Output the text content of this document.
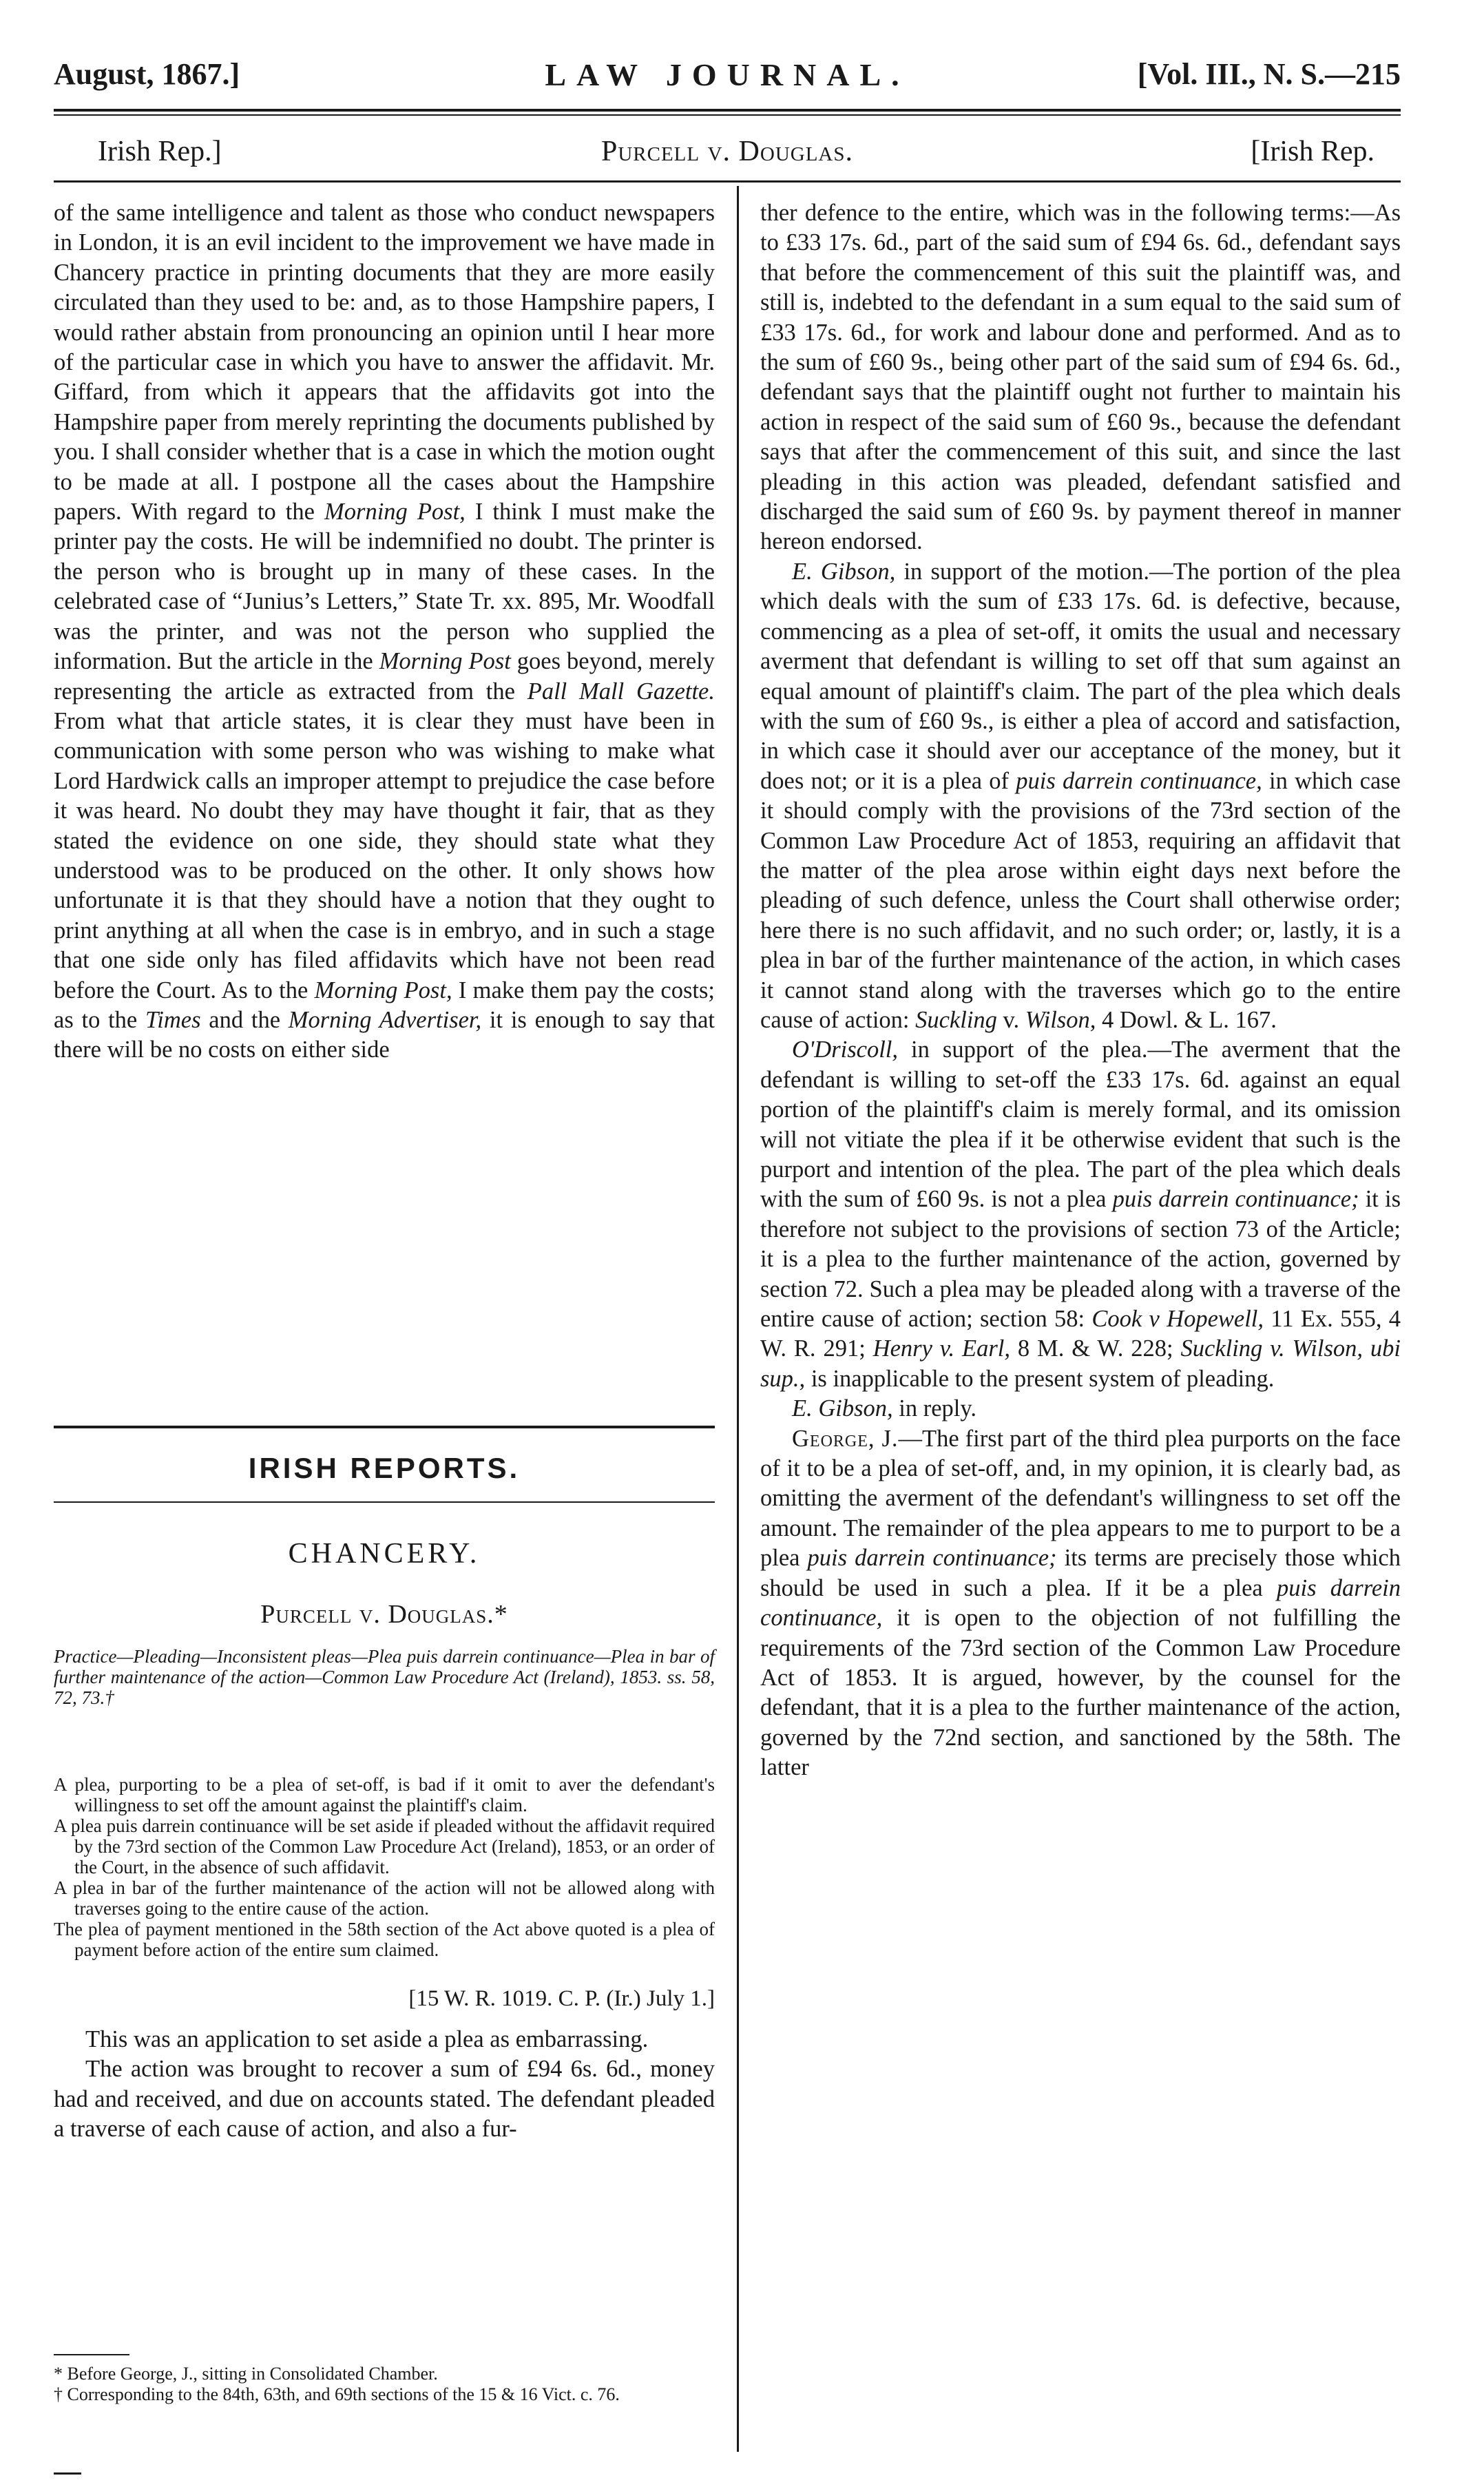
August, 1867.]	LAW JOURNAL.	[Vol. III., N. S.—215
Irish Rep.]	Purcell v. Douglas.	[Irish Rep.

of the same intelligence and talent as those who conduct newspapers in London, it is an evil incident to the improvement we have made in Chancery practice in printing documents that they are more easily circulated than they used to be: and, as to those Hampshire papers, I would rather abstain from pronouncing an opinion until I hear more of the particular case in which you have to answer the affidavit. Mr. Giffard, from which it appears that the affidavits got into the Hampshire paper from merely reprinting the documents published by you. I shall consider whether that is a case in which the motion ought to be made at all. I postpone all the cases about the Hampshire papers. With regard to the Morning Post, I think I must make the printer pay the costs. He will be indemnified no doubt. The printer is the person who is brought up in many of these cases. In the celebrated case of “Junius’s Letters,” State Tr. xx. 895, Mr. Woodfall was the printer, and was not the person who supplied the information. But the article in the Morning Post goes beyond, merely representing the article as extracted from the Pall Mall Gazette. From what that article states, it is clear they must have been in communication with some person who was wishing to make what Lord Hardwick calls an improper attempt to prejudice the case before it was heard. No doubt they may have thought it fair, that as they stated the evidence on one side, they should state what they understood was to be produced on the other. It only shows how unfortunate it is that they should have a notion that they ought to print anything at all when the case is in embryo, and in such a stage that one side only has filed affidavits which have not been read before the Court. As to the Morning Post, I make them pay the costs; as to the Times and the Morning Advertiser, it is enough to say that there will be no costs on either side

IRISH REPORTS.
CHANCERY.
Purcell v. Douglas.*

Practice—Pleading—Inconsistent pleas—Plea puis darrein continuance—Plea in bar of further maintenance of the action—Common Law Procedure Act (Ireland), 1853. ss. 58, 72, 73.†

A plea, purporting to be a plea of set-off, is bad if it omit to aver the defendant's willingness to set off the amount against the plaintiff's claim.

A plea puis darrein continuance will be set aside if pleaded without the affidavit required by the 73rd section of the Common Law Procedure Act (Ireland), 1853, or an order of the Court, in the absence of such affidavit.

A plea in bar of the further maintenance of the action will not be allowed along with traverses going to the entire cause of the action.

The plea of payment mentioned in the 58th section of the Act above quoted is a plea of payment before action of the entire sum claimed.

[15 W. R. 1019. C. P. (Ir.) July 1.]

This was an application to set aside a plea as embarrassing.

The action was brought to recover a sum of £94 6s. 6d., money had and received, and due on accounts stated. The defendant pleaded a traverse of each cause of action, and also a fur-

* Before George, J., sitting in Consolidated Chamber.

† Corresponding to the 84th, 63th, and 69th sections of the 15 & 16 Vict. c. 76.

ther defence to the entire, which was in the following terms:—As to £33 17s. 6d., part of the said sum of £94 6s. 6d., defendant says that before the commencement of this suit the plaintiff was, and still is, indebted to the defendant in a sum equal to the said sum of £33 17s. 6d., for work and labour done and performed. And as to the sum of £60 9s., being other part of the said sum of £94 6s. 6d., defendant says that the plaintiff ought not further to maintain his action in respect of the said sum of £60 9s., because the defendant says that after the commencement of this suit, and since the last pleading in this action was pleaded, defendant satisfied and discharged the said sum of £60 9s. by payment thereof in manner hereon endorsed.

E. Gibson, in support of the motion.—The portion of the plea which deals with the sum of £33 17s. 6d. is defective, because, commencing as a plea of set-off, it omits the usual and necessary averment that defendant is willing to set off that sum against an equal amount of plaintiff's claim. The part of the plea which deals with the sum of £60 9s., is either a plea of accord and satisfaction, in which case it should aver our acceptance of the money, but it does not; or it is a plea of puis darrein continuance, in which case it should comply with the provisions of the 73rd section of the Common Law Procedure Act of 1853, requiring an affidavit that the matter of the plea arose within eight days next before the pleading of such defence, unless the Court shall otherwise order; here there is no such affidavit, and no such order; or, lastly, it is a plea in bar of the further maintenance of the action, in which cases it cannot stand along with the traverses which go to the entire cause of action: Suckling v. Wilson, 4 Dowl. & L. 167.

O'Driscoll, in support of the plea.—The averment that the defendant is willing to set-off the £33 17s. 6d. against an equal portion of the plaintiff's claim is merely formal, and its omission will not vitiate the plea if it be otherwise evident that such is the purport and intention of the plea. The part of the plea which deals with the sum of £60 9s. is not a plea puis darrein continuance; it is therefore not subject to the provisions of section 73 of the Article; it is a plea to the further maintenance of the action, governed by section 72. Such a plea may be pleaded along with a traverse of the entire cause of action; section 58: Cook v Hopewell, 11 Ex. 555, 4 W. R. 291; Henry v. Earl, 8 M. & W. 228; Suckling v. Wilson, ubi sup., is inapplicable to the present system of pleading.

E. Gibson, in reply.

George, J.—The first part of the third plea purports on the face of it to be a plea of set-off, and, in my opinion, it is clearly bad, as omitting the averment of the defendant's willingness to set off the amount. The remainder of the plea appears to me to purport to be a plea puis darrein continuance; its terms are precisely those which should be used in such a plea. If it be a plea puis darrein continuance, it is open to the objection of not fulfilling the requirements of the 73rd section of the Common Law Procedure Act of 1853. It is argued, however, by the counsel for the defendant, that it is a plea to the further maintenance of the action, governed by the 72nd section, and sanctioned by the 58th. The latter
